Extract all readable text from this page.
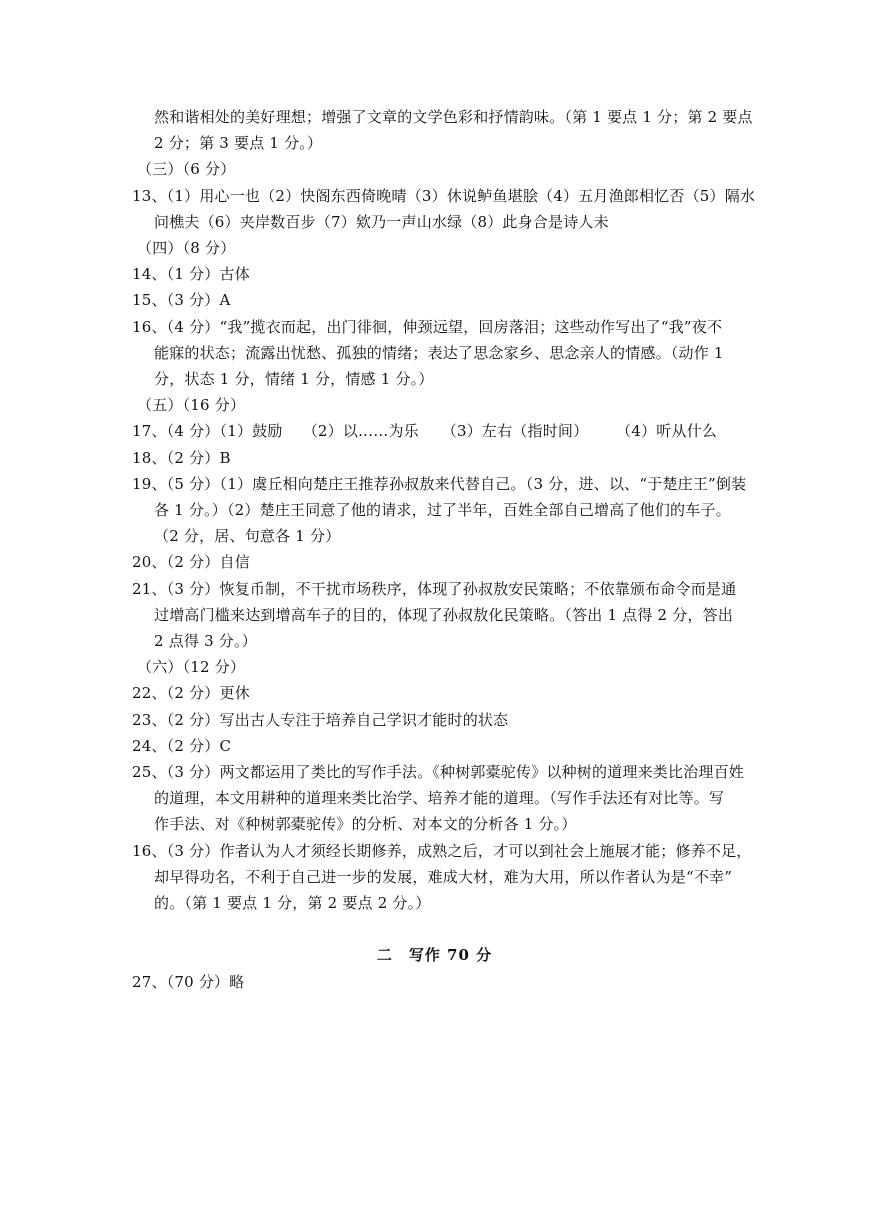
然和谐相处的美好理想；增强了文章的文学色彩和抒情韵味。（第 1 要点 1 分；第 2 要点
2 分；第 3 要点 1 分。）
（三）（6 分）
13、（1）用心一也（2）快阁东西倚晚晴（3）休说鲈鱼堪脍（4）五月渔郎相忆否（5）隔水
问樵夫（6）夹岸数百步（7）欸乃一声山水绿（8）此身合是诗人未
（四）（8 分）
14、（1 分）古体
15、（3 分）A
16、（4 分）“我”揽衣而起，出门徘徊，伸颈远望，回房落泪；这些动作写出了“我”夜不
能寐的状态；流露出忧愁、孤独的情绪；表达了思念家乡、思念亲人的情感。（动作 1
分，状态 1 分，情绪 1 分，情感 1 分。）
（五）（16 分）
17、（4 分）（1）鼓励　 （2）以……为乐　　（3）左右（指时间）　　 （4）听从什么
18、（2 分）B
19、（5 分）（1）虞丘相向楚庄王推荐孙叔敖来代替自己。（3 分，进、以、“于楚庄王”倒装
各 1 分。）（2）楚庄王同意了他的请求，过了半年，百姓全部自己增高了他们的车子。
（2 分，居、句意各 1 分）
20、（2 分）自信
21、（3 分）恢复币制，不干扰市场秩序，体现了孙叔敖安民策略；不依靠颁布命令而是通
过增高门槛来达到增高车子的目的，体现了孙叔敖化民策略。（答出 1 点得 2 分，答出
2 点得 3 分。）
（六）（12 分）
22、（2 分）更休
23、（2 分）写出古人专注于培养自己学识才能时的状态
24、（2 分）C
25、（3 分）两文都运用了类比的写作手法。《种树郭橐驼传》以种树的道理来类比治理百姓
的道理，本文用耕种的道理来类比治学、培养才能的道理。（写作手法还有对比等。写
作手法、对《种树郭橐驼传》的分析、对本文的分析各 1 分。）
16、（3 分）作者认为人才须经长期修养，成熟之后，才可以到社会上施展才能；修养不足，
却早得功名，不利于自己进一步的发展，难成大材，难为大用，所以作者认为是“不幸”
的。（第 1 要点 1 分，第 2 要点 2 分。）
二　写作 70 分
27、（70 分）略
